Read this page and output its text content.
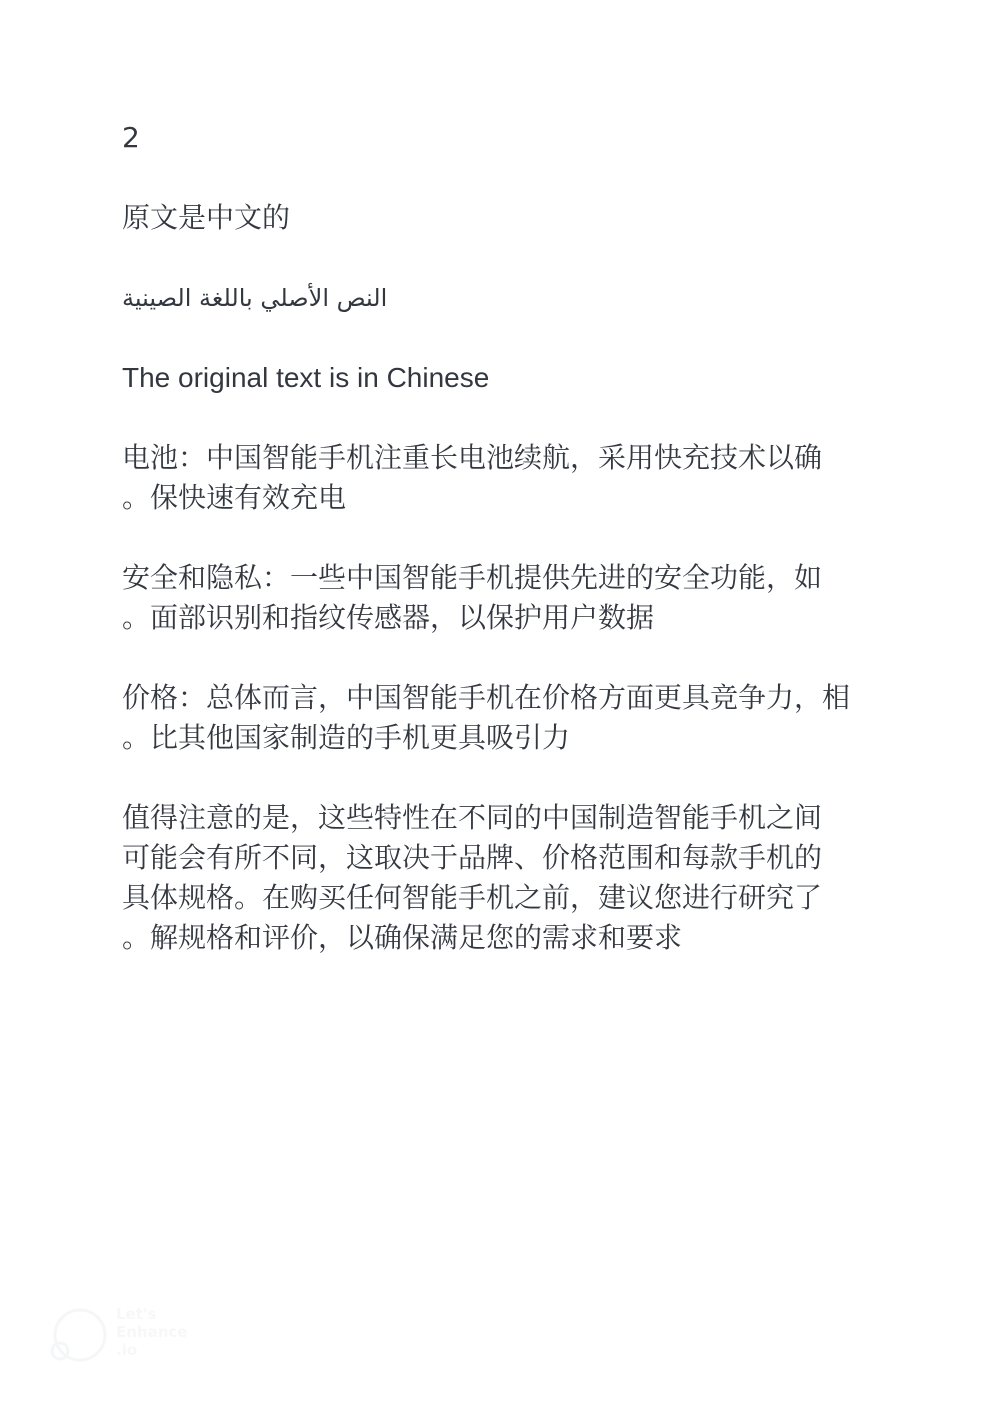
2

原文是中文的

النص الأصلي باللغة الصينية

The original text is in Chinese

电池：中国智能手机注重长电池续航，采用快充技术以确
。保快速有效充电
安全和隐私：一些中国智能手机提供先进的安全功能，如
。面部识别和指纹传感器，以保护用户数据
价格：总体而言，中国智能手机在价格方面更具竞争力，相
。比其他国家制造的手机更具吸引力
值得注意的是，这些特性在不同的中国制造智能手机之间
可能会有所不同，这取决于品牌、价格范围和每款手机的
具体规格。在购买任何智能手机之前，建议您进行研究了
。解规格和评价，以确保满足您的需求和要求
Let's
Enhance
.io
